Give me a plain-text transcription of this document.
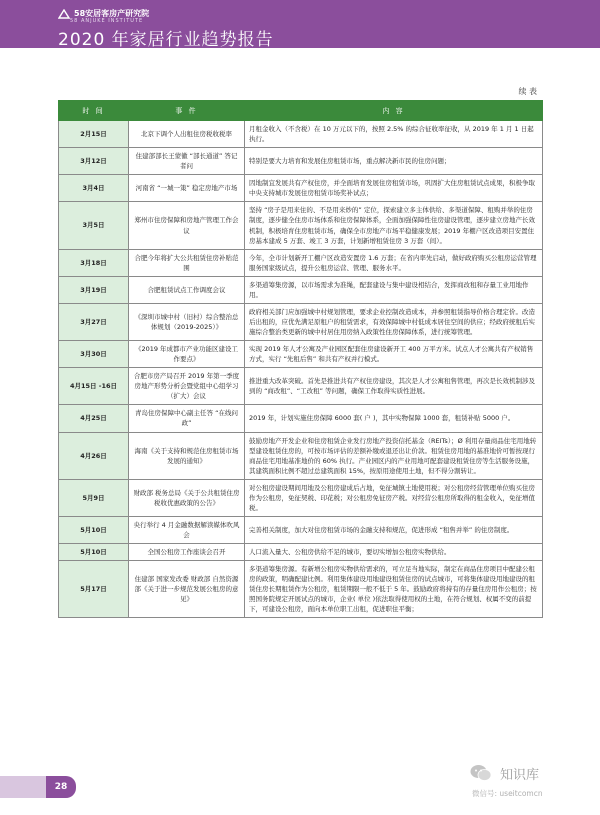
58安居客房产研究院
58 ANJUKE INSTITUTE
2020 年家居行业趋势报告
续 表
时 间	事 件	内 容
2月15日	北京下调个人出租住房税收税率	月租金收入（不含税）在 10 万元以下的，按照 2.5% 的综合征收率征收，从 2019 年 1 月 1 日起执行。
3月12日	住建部部长王蒙徽 “部长通道” 答记者问	特别是要大力培育和发展住房租赁市场，重点解决新市民的住房问题；
3月4日	河南省 “一城一策” 稳定房地产市场	因地制宜发展共有产权住房，并全面培育发展住房租赁市场，巩固扩大住房租赁试点成果，积极争取中央支持城市发展住房租赁市场奖补试点；
3月5日	郑州市住房保障和房地产管理工作会议	坚持 “房子是用来住的、不是用来炒的” 定位，探索建立多主体供给、多渠道保障、租购并举的住房制度，逐步健全住房市场体系和住房保障体系，全面加强保障性住房建设管理，逐步建立房地产长效机制，积极培育住房租赁市场，确保全市房地产市场平稳健康发展；2019 年棚户区改造项目安置住房基本建成 5 万套、竣工 3 万套，计划新增租赁住房 3 万套（间）。
3月18日	合肥今年将扩大公共租赁住房补贴范围	今年，全市计划新开工棚户区改造安置房 1.6 万套；在省内率先启动，做好政府购买公租房运营管理服务国家级试点，提升公租房运营、管理、服务水平。
3月19日	合肥租赁试点工作调度会议	多渠道筹集房源，以市场需求为准绳，配套建设与集中建设相结合，发挥商改租和存量工业用地作用。
3月27日	《深圳市城中村（旧村）综合整治总体规划（2019-2025）》	政府相关部门应加强城中村规划管理，要求企业控制改造成本，并参照租赁指导价格合理定价。改造后出租的，应优先满足原租户的租赁需求，有效保障城中村低成本居住空间的供应；经政府统租后实施综合整治类更新的城中村居住用房纳入政策性住房保障体系，进行统筹管理。
3月30日	《2019 年成都市产业功能区建设工作要点》	实现 2019 年人才公寓及产业园区配套住房建设新开工 400 万平方米。试点人才公寓共有产权销售方式，实行 “先租后售” 和共有产权并行模式。
4月15日 -16日	合肥市房产局召开 2019 年第一季度房地产形势分析会暨党组中心组学习（扩大）会议	推进重大改革突破。首先是推进共有产权住房建设，其次是人才公寓租售管理，再次是长效机制涉及到的 “商改租”、“工改租” 等问题，确保工作取得实质性进展。
4月25日	青岛住房保障中心副主任答 “在线问政”	2019 年，计划实施住房保障 6000 套( 户 )，其中实物保障 1000 套，租赁补贴 5000 户。
4月26日	海南《关于支持和规范住房租赁市场发展的通知》	鼓励房地产开发企业和住房租赁企业发行房地产投资信托基金（REITs）；Ø 利用存量商品住宅用地转型建设租赁住房的，可按市场评估的差额补缴或退还出让价款。租赁住房用地的基准地价可暂按现行商品住宅用地基准地价的 60% 执行。产业园区内的产业用地可配套建设租赁住房等生活服务设施，其建筑面积比例不超过总建筑面积 15%，按原用途使用土地，但不得分割转让。
5月9日	财政部 税务总局《关于公共租赁住房税收优惠政策的公告》	对公租房建设期间用地及公租房建成后占地，免征城镇土地使用税；对公租房经营管理单位购买住房作为公租房，免征契税、印花税；对公租房免征房产税。对经营公租房所取得的租金收入，免征增值税。
5月10日	央行举行 4 月金融数据解读媒体吹风会	完善相关制度，加大对住房租赁市场的金融支持和规范，促进形成 “租售并举” 的住房制度。
5月10日	全国公租房工作座谈会召开	人口流入量大、公租房供给不足的城市，要切实增加公租房实物供给。
5月17日	住建部 国家发改委 财政部 自然资源部《关于进一步规范发展公租房的意见》	多渠道筹集房源。有新增公租房实物供给需求的，可立足当地实际，制定在商品住房项目中配建公租房的政策，明确配建比例。利用集体建设用地建设租赁住房的试点城市，可将集体建设用地建设的租赁住房长期租赁作为公租房，租赁期限一般不低于 5 年。鼓励政府将持有的存量住房用作公租房；按照国务院规定开展试点的城市，企业( 单位 )依法取得使用权的土地，在符合规划、权属不变的前提下，可建设公租房，面向本单位职工出租，促进职住平衡；
28
知识库
微信号: useitcomcn
